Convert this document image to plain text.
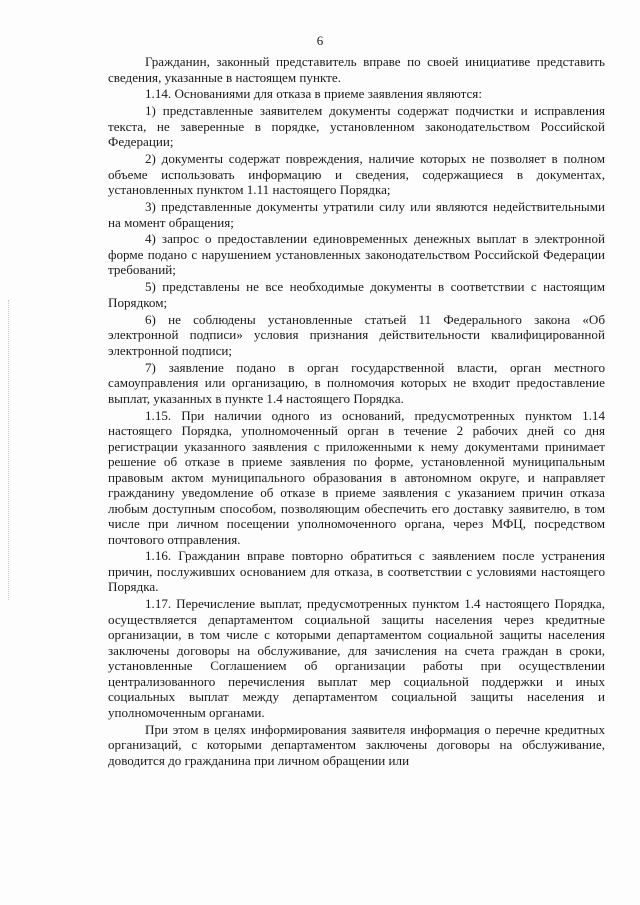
6

Гражданин, законный представитель вправе по своей инициативе представить сведения, указанные в настоящем пункте.

1.14. Основаниями для отказа в приеме заявления являются:

1) представленные заявителем документы содержат подчистки и исправления текста, не заверенные в порядке, установленном законодательством Российской Федерации;

2) документы содержат повреждения, наличие которых не позволяет в полном объеме использовать информацию и сведения, содержащиеся в документах, установленных пунктом 1.11 настоящего Порядка;

3) представленные документы утратили силу или являются недействительными на момент обращения;

4) запрос о предоставлении единовременных денежных выплат в электронной форме подано с нарушением установленных законодательством Российской Федерации требований;

5) представлены не все необходимые документы в соответствии с настоящим Порядком;

6) не соблюдены установленные статьей 11 Федерального закона «Об электронной подписи» условия признания действительности квалифицированной электронной подписи;

7) заявление подано в орган государственной власти, орган местного самоуправления или организацию, в полномочия которых не входит предоставление выплат, указанных в пункте 1.4 настоящего Порядка.

1.15. При наличии одного из оснований, предусмотренных пунктом 1.14 настоящего Порядка, уполномоченный орган в течение 2 рабочих дней со дня регистрации указанного заявления с приложенными к нему документами принимает решение об отказе в приеме заявления по форме, установленной муниципальным правовым актом муниципального образования в автономном округе, и направляет гражданину уведомление об отказе в приеме заявления с указанием причин отказа любым доступным способом, позволяющим обеспечить его доставку заявителю, в том числе при личном посещении уполномоченного органа, через МФЦ, посредством почтового отправления.

1.16. Гражданин вправе повторно обратиться с заявлением после устранения причин, послуживших основанием для отказа, в соответствии с условиями настоящего Порядка.

1.17. Перечисление выплат, предусмотренных пунктом 1.4 настоящего Порядка, осуществляется департаментом социальной защиты населения через кредитные организации, в том числе с которыми департаментом социальной защиты населения заключены договоры на обслуживание, для зачисления на счета граждан в сроки, установленные Соглашением об организации работы при осуществлении централизованного перечисления выплат мер социальной поддержки и иных социальных выплат между департаментом социальной защиты населения и уполномоченным органами.

При этом в целях информирования заявителя информация о перечне кредитных организаций, с которыми департаментом заключены договоры на обслуживание, доводится до гражданина при личном обращении или
